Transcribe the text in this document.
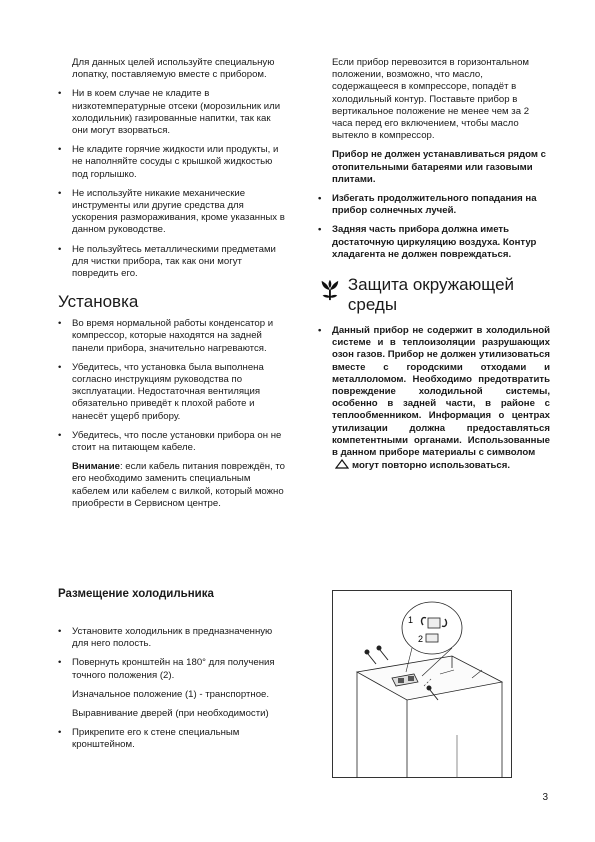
Для данных целей используйте специальную лопатку, поставляемую вместе с прибором.

• Ни в коем случае не кладите в низкотемпературные отсеки (морозильник или холодильник) газированные напитки, так как они могут взорваться.
• Не кладите горячие жидкости или продукты, и не наполняйте сосуды с крышкой жидкостью под горлышко.
• Не используйте никакие механические инструменты или другие средства для ускорения размораживания, кроме указанных в данном руководстве.
• Не пользуйтесь металлическими предметами для чистки прибора, так как они могут повредить его.
Установка
• Во время нормальной работы конденсатор и компрессор, которые находятся на задней панели прибора, значительно нагреваются.
• Убедитесь, что установка была выполнена согласно инструкциям руководства по эксплуатации. Недостаточная вентиляция обязательно приведёт к плохой работе и нанесёт ущерб прибору.
• Убедитесь, что после установки прибора он не стоит на питающем кабеле.

Внимание: если кабель питания повреждён, то его необходимо заменить специальным кабелем или кабелем с вилкой, который можно приобрести в Сервисном центре.

Если прибор перевозится в горизонтальном положении, возможно, что масло, содержащееся в компрессоре, попадёт в холодильный контур. Поставьте прибор в вертикальное положение не менее чем за 2 часа перед его включением, чтобы масло вытекло в компрессор.

Прибор не должен устанавливаться рядом с отопительными батареями или газовыми плитами.

• Избегать продолжительного попадания на прибор солнечных лучей.
• Задняя часть прибора должна иметь достаточную циркуляцию воздуха. Контур хладагента не должен повреждаться.
Защита окружающей среды
• Данный прибор не содержит в холодильной системе и в теплоизоляции разрушающих озон газов. Прибор не должен утилизоваться вместе с городскими отходами и металлоломом. Необходимо предотвратить повреждение холодильной системы, особенно в задней части, в районе с теплообменником. Информация о центрах утилизации должна предоставляться компетентными органами. Использованные в данном приборе материалы с символом
могут повторно использоваться.
Размещение холодильника
• Установите холодильник в предназначенную для него полость.
• Повернуть кронштейн на 180° для получения точного положения (2).

Изначальное положение (1) - транспортное.

Выравнивание дверей (при необходимости)

• Прикрепите его к стене специальным кронштейном.
1
2
3
